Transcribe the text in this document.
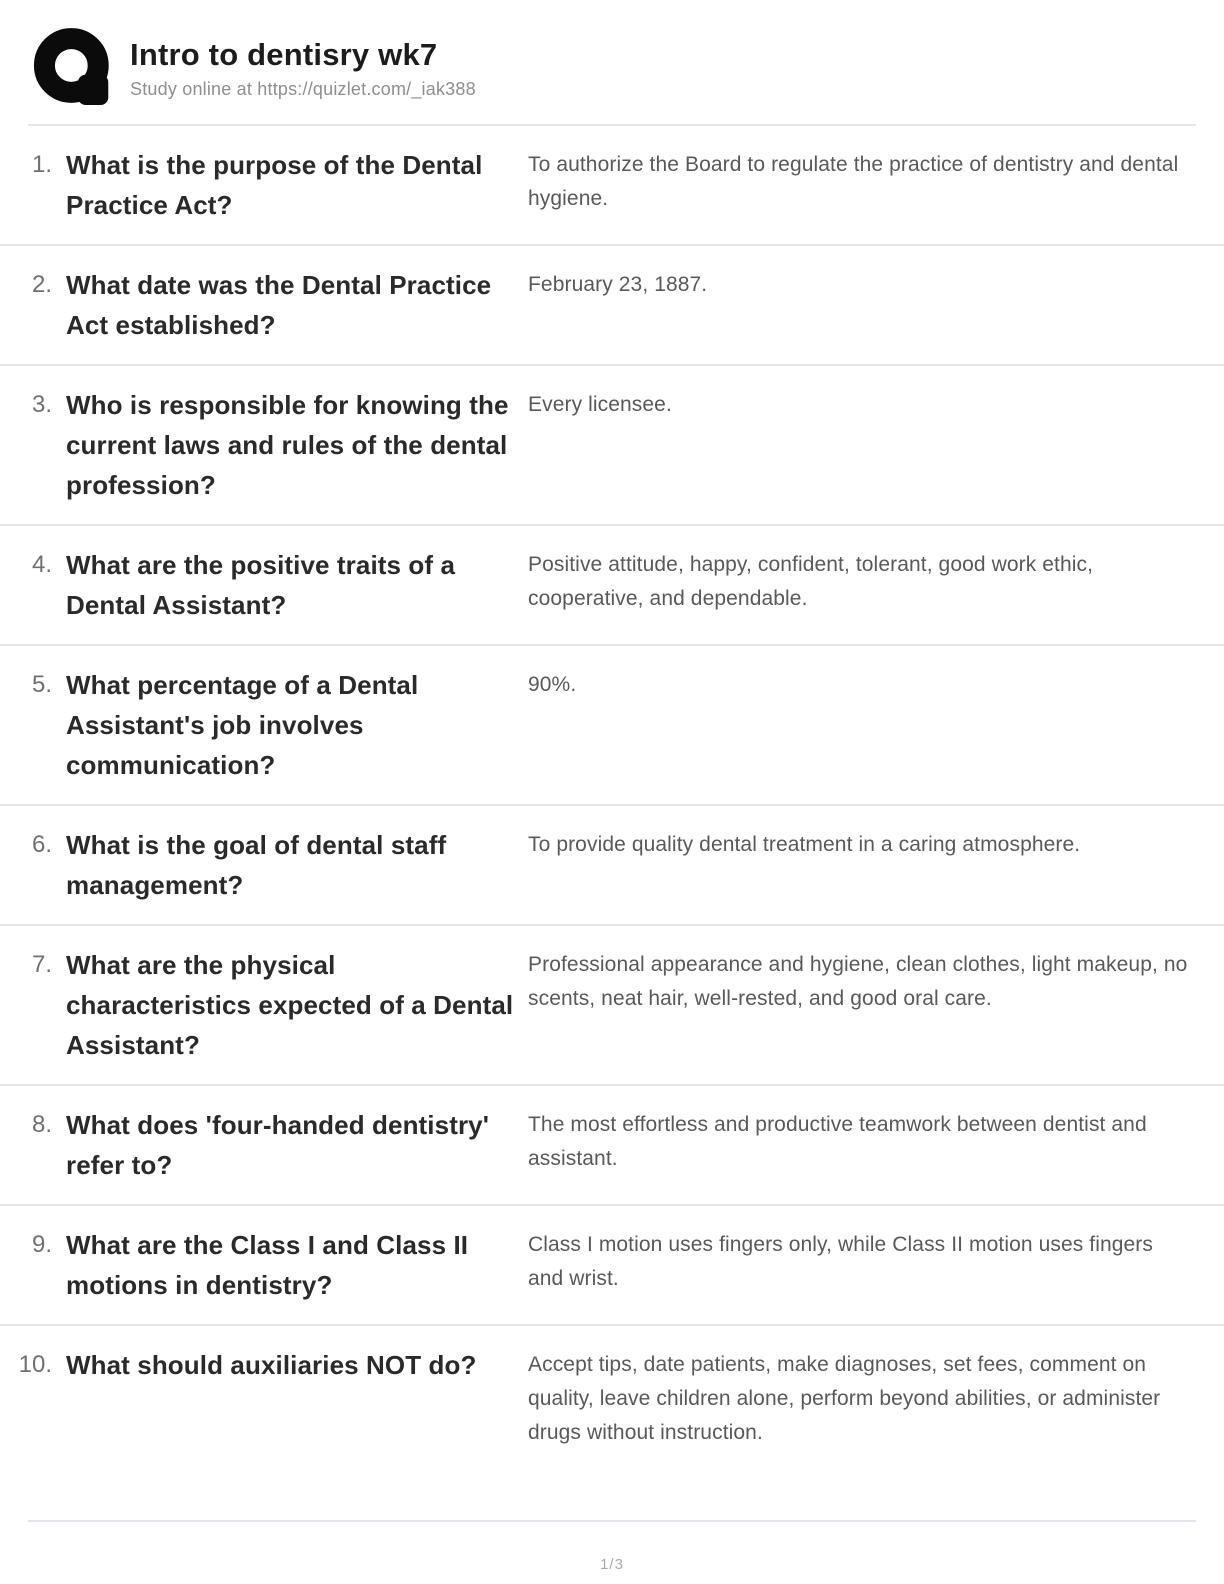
Intro to dentisry wk7
Study online at https://quizlet.com/_iak388
1. What is the purpose of the Dental Practice Act?
To authorize the Board to regulate the practice of dentistry and dental hygiene.
2. What date was the Dental Practice Act established?
February 23, 1887.
3. Who is responsible for knowing the current laws and rules of the dental profession?
Every licensee.
4. What are the positive traits of a Dental Assistant?
Positive attitude, happy, confident, tolerant, good work ethic, cooperative, and dependable.
5. What percentage of a Dental Assistant's job involves communication?
90%.
6. What is the goal of dental staff management?
To provide quality dental treatment in a caring atmosphere.
7. What are the physical characteristics expected of a Dental Assistant?
Professional appearance and hygiene, clean clothes, light makeup, no scents, neat hair, well-rested, and good oral care.
8. What does 'four-handed dentistry' refer to?
The most effortless and productive teamwork between dentist and assistant.
9. What are the Class I and Class II motions in dentistry?
Class I motion uses fingers only, while Class II motion uses fingers and wrist.
10. What should auxiliaries NOT do?	Accept tips, date patients, make diagnoses, set fees, comment on quality, leave children alone, perform beyond abilities, or administer drugs without instruction.
1/3
